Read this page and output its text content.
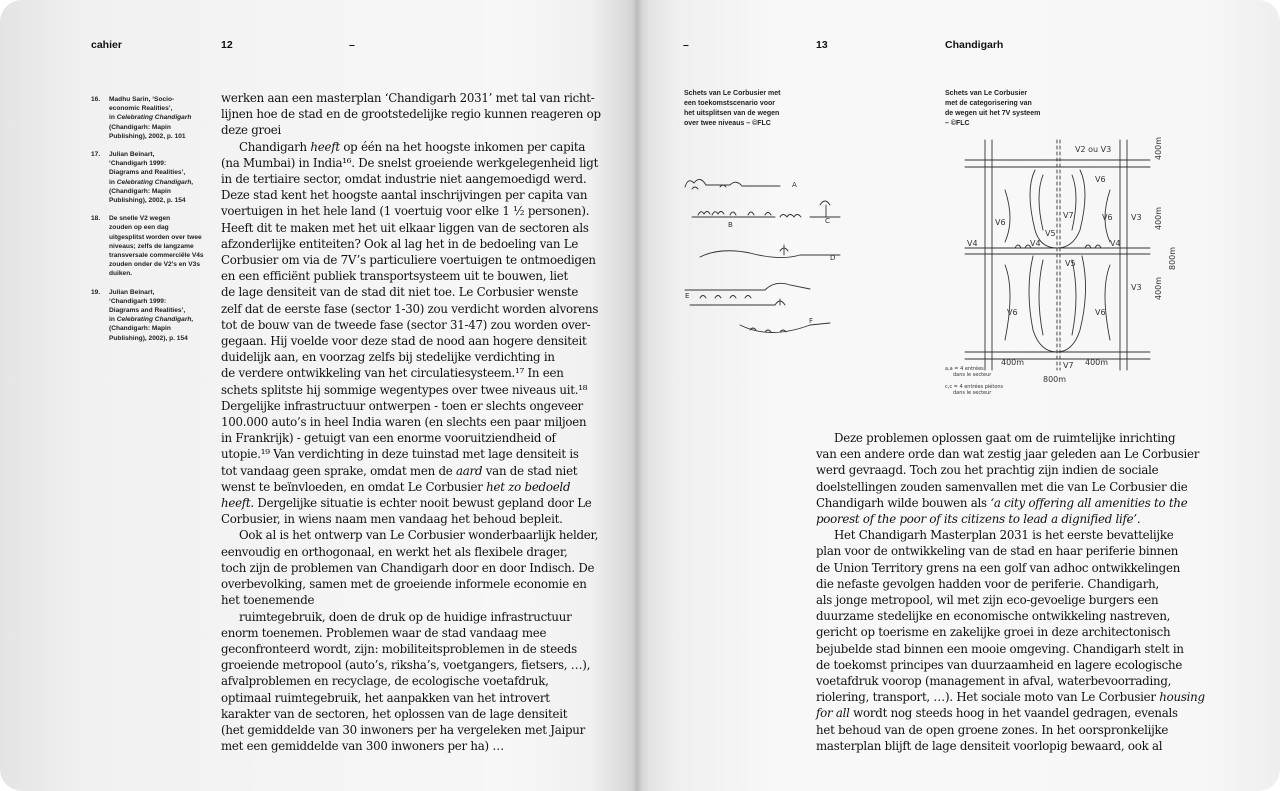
cahier	12	–	–	13	Chandigarh
16.	Madhu Sarin, ‘Socio-
economic Realities’,
in Celebrating Chandigarh
(Chandigarh: Mapin
Publishing), 2002, p. 101

17.	Julian Beinart,
‘Chandigarh 1999:
Diagrams and Realities’,
in Celebrating Chandigarh,
(Chandigarh: Mapin
Publishing), 2002, p. 154

18.	De snelle V2 wegen
zouden op een dag
uitgesplitst worden over twee
niveaus; zelfs de langzame
transversale commerciële V4s
zouden onder de V2’s en V3s
duiken.

19.	Julian Beinart,
‘Chandigarh 1999:
Diagrams and Realities’,
in Celebrating Chandigarh,
(Chandigarh: Mapin
Publishing), 2002), p. 154

werken aan een masterplan ‘Chandigarh 2031’ met tal van richt-
lijnen hoe de stad en de grootstedelijke regio kunnen reageren op
deze groei

Chandigarh heeft op één na het hoogste inkomen per capita
(na Mumbai) in India¹⁶. De snelst groeiende werkgelegenheid ligt
in de tertiaire sector, omdat industrie niet aangemoedigd werd.
Deze stad kent het hoogste aantal inschrijvingen per capita van
voertuigen in het hele land (1 voertuig voor elke 1 ½ personen).
Heeft dit te maken met het uit elkaar liggen van de sectoren als
afzonderlijke entiteiten? Ook al lag het in de bedoeling van Le
Corbusier om via de 7V’s particuliere voertuigen te ontmoedigen
en een efficiënt publiek transportsysteem uit te bouwen, liet
de lage densiteit van de stad dit niet toe. Le Corbusier wenste
zelf dat de eerste fase (sector 1-30) zou verdicht worden alvorens
tot de bouw van de tweede fase (sector 31-47) zou worden over-
gegaan. Hij voelde voor deze stad de nood aan hogere densiteit
duidelijk aan, en voorzag zelfs bij stedelijke verdichting in
de verdere ontwikkeling van het circulatiesysteem.¹⁷ In een
schets splitste hij sommige wegentypes over twee niveaus uit.¹⁸
Dergelijke infrastructuur ontwerpen - toen er slechts ongeveer
100.000 auto’s in heel India waren (en slechts een paar miljoen
in Frankrijk) - getuigt van een enorme vooruitziendheid of
utopie.¹⁹ Van verdichting in deze tuinstad met lage densiteit is
tot vandaag geen sprake, omdat men de aard van de stad niet
wenst te beïnvloeden, en omdat Le Corbusier het zo bedoeld
heeft. Dergelijke situatie is echter nooit bewust gepland door Le
Corbusier, in wiens naam men vandaag het behoud bepleit.

Ook al is het ontwerp van Le Corbusier wonderbaarlijk helder,
eenvoudig en orthogonaal, en werkt het als flexibele drager,
toch zijn de problemen van Chandigarh door en door Indisch. De
overbevolking, samen met de groeiende informele economie en
het toenemende

ruimtegebruik, doen de druk op de huidige infrastructuur
enorm toenemen. Problemen waar de stad vandaag mee
geconfronteerd wordt, zijn: mobiliteitsproblemen in de steeds
groeiende metropool (auto’s, riksha’s, voetgangers, fietsers, …),
afvalproblemen en recyclage, de ecologische voetafdruk,
optimaal ruimtegebruik, het aanpakken van het introvert
karakter van de sectoren, het oplossen van de lage densiteit
(het gemiddelde van 30 inwoners per ha vergeleken met Jaipur
met een gemiddelde van 300 inwoners per ha) …

Schets van Le Corbusier met
een toekomstscenario voor
het uitsplitsen van de wegen
over twee niveaus – ©FLC
Schets van Le Corbusier
met de categorisering van
de wegen uit het 7V systeem
– ©FLC
A
B	C
D
E
F
V2 ou V3
V6
V5
V7
V6
V3
V6
V4
V5
V4	V4
V3
V6	V6
V7
400m
400m
400m
800m
400m	400m
800m
a,a = 4 entrées
dans le secteur
c,c = 4 entrées piétons
dans le secteur

Deze problemen oplossen gaat om de ruimtelijke inrichting
van een andere orde dan wat zestig jaar geleden aan Le Corbusier
werd gevraagd. Toch zou het prachtig zijn indien de sociale
doelstellingen zouden samenvallen met die van Le Corbusier die
Chandigarh wilde bouwen als ‘a city offering all amenities to the
poorest of the poor of its citizens to lead a dignified life’.

Het Chandigarh Masterplan 2031 is het eerste bevattelijke
plan voor de ontwikkeling van de stad en haar periferie binnen
de Union Territory grens na een golf van adhoc ontwikkelingen
die nefaste gevolgen hadden voor de periferie. Chandigarh,
als jonge metropool, wil met zijn eco-gevoelige burgers een
duurzame stedelijke en economische ontwikkeling nastreven,
gericht op toerisme en zakelijke groei in deze architectonisch
bejubelde stad binnen een mooie omgeving. Chandigarh stelt in
de toekomst principes van duurzaamheid en lagere ecologische
voetafdruk voorop (management in afval, waterbevoorrading,
riolering, transport, …). Het sociale moto van Le Corbusier housing
for all wordt nog steeds hoog in het vaandel gedragen, evenals
het behoud van de open groene zones. In het oorspronkelijke
masterplan blijft de lage densiteit voorlopig bewaard, ook al
